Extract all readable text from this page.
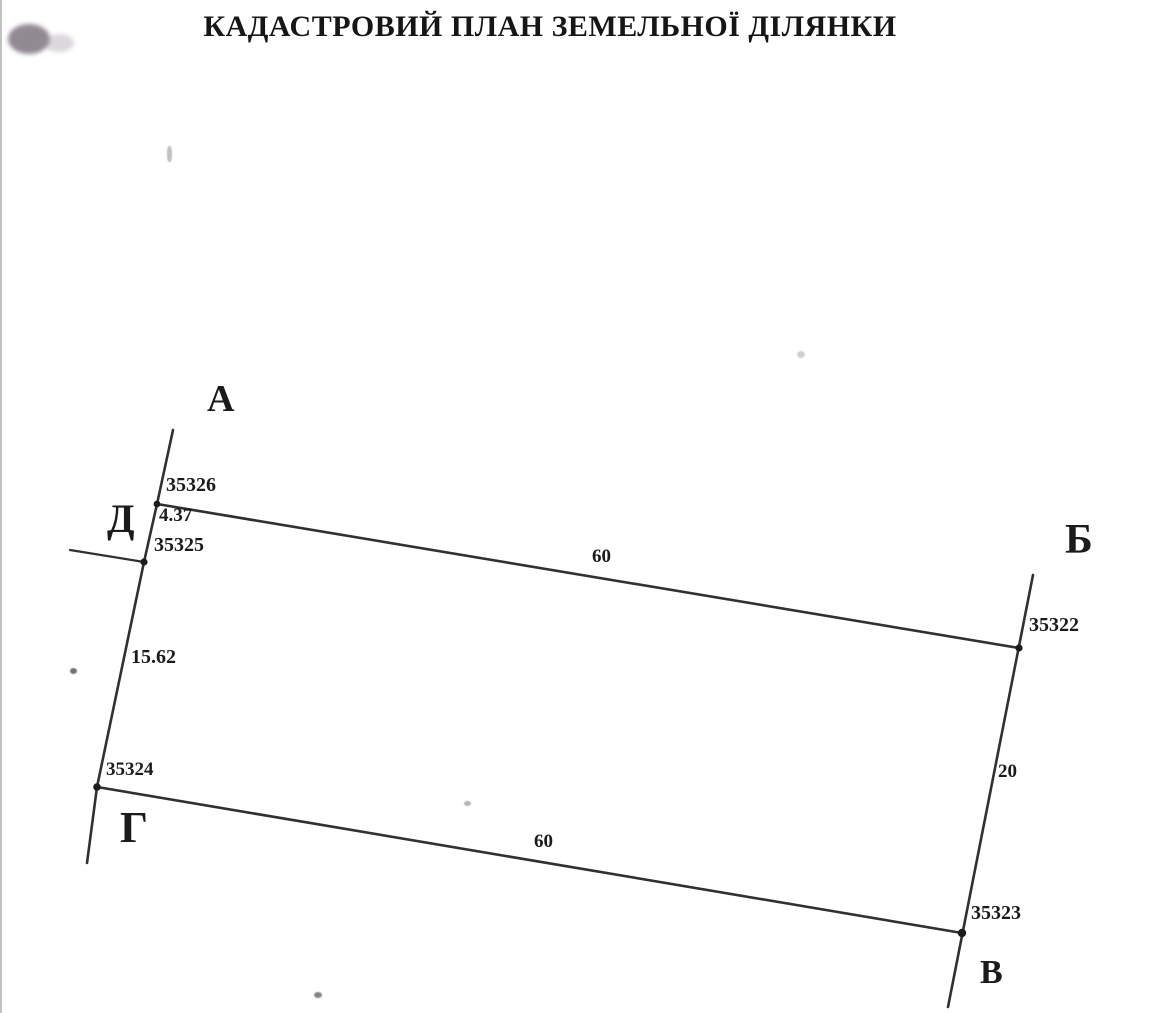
КАДАСТРОВИЙ ПЛАН ЗЕМЕЛЬНОЇ ДІЛЯНКИ
А
Д	Б
Г
В
35326
35325
35324
35322
35323
4.37
15.62
60
60
20
